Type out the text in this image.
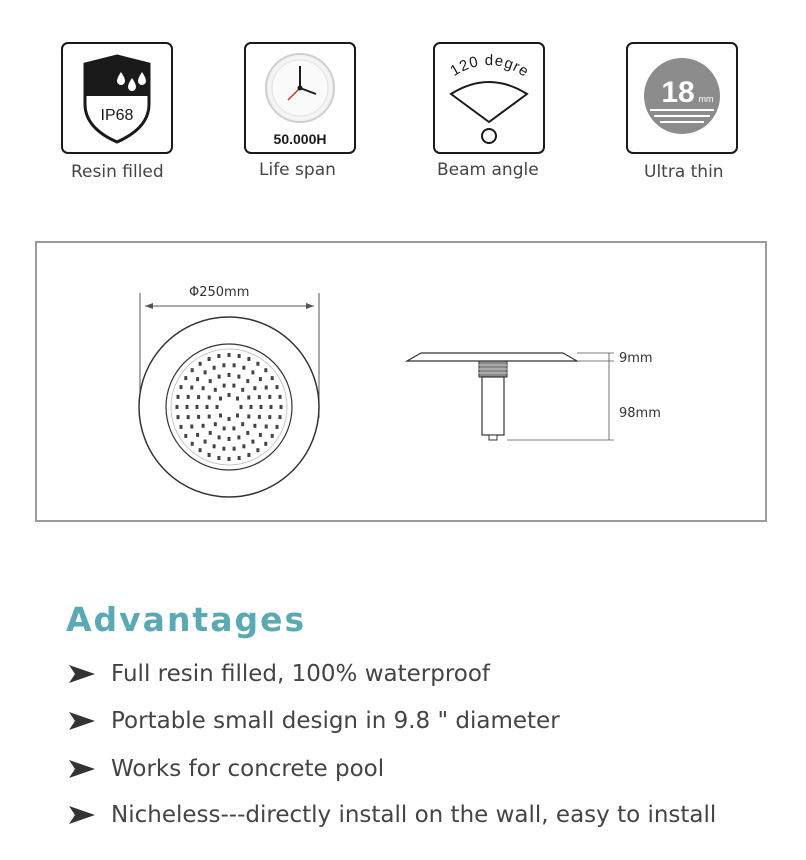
IP68
Resin filled
50.000H
Life span
120 degre
Beam angle
18 mm
Ultra thin
Φ250mm
9mm
98mm
Advantages
Full resin filled, 100% waterproof
Portable small design in 9.8 " diameter
Works for concrete pool
Nicheless---directly install on the wall, easy to install
